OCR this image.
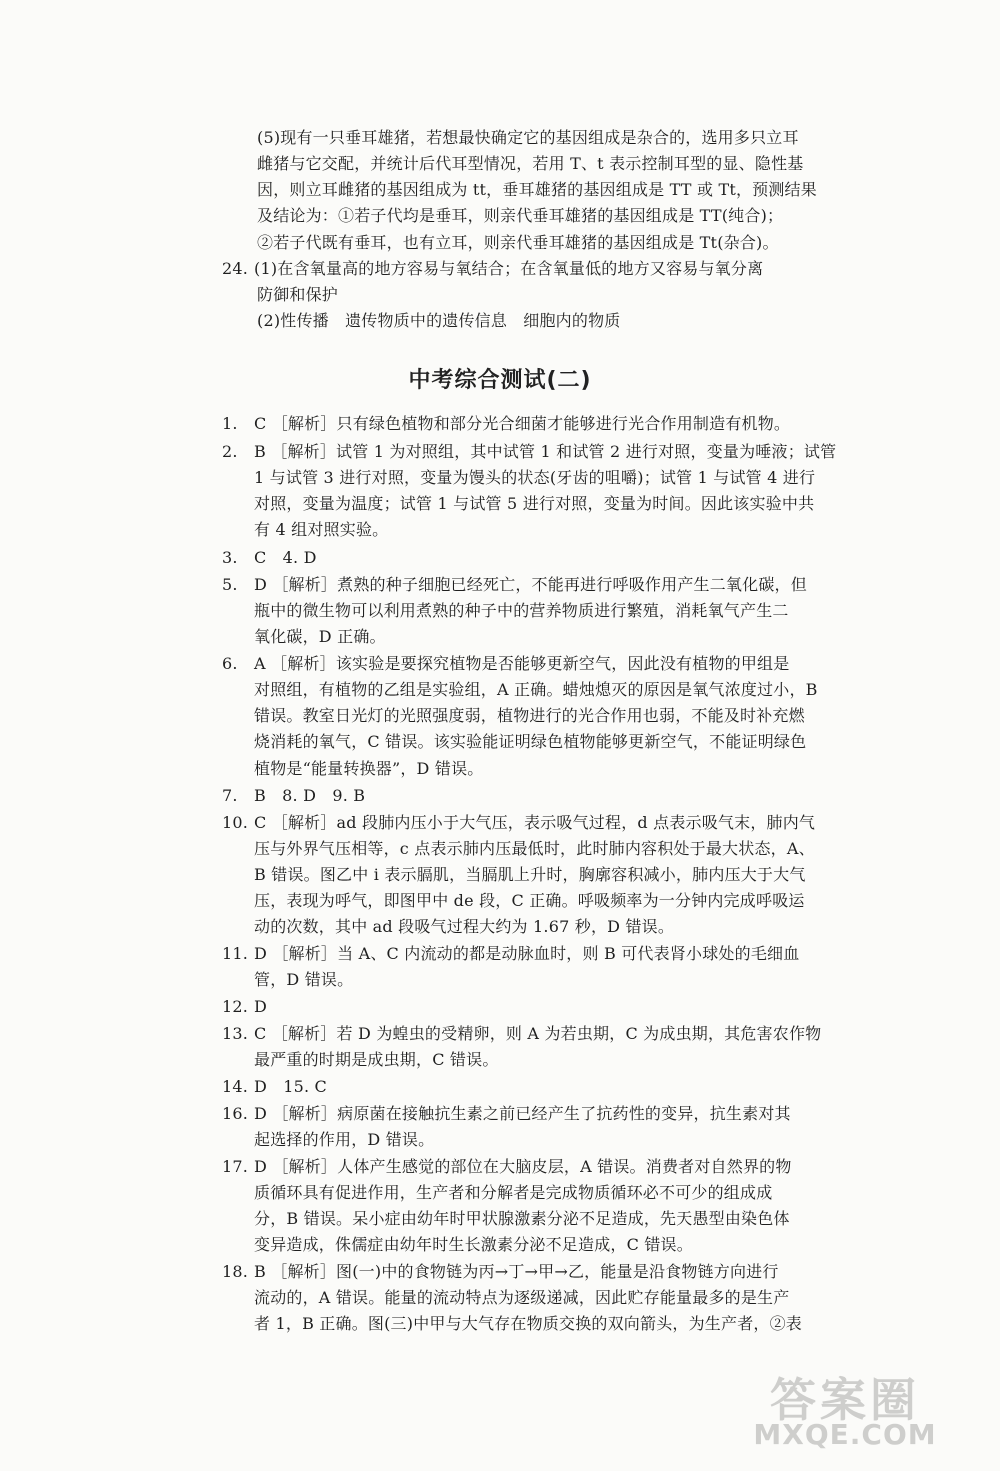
(5)现有一只垂耳雄猪，若想最快确定它的基因组成是杂合的，选用多只立耳
雌猪与它交配，并统计后代耳型情况，若用 T、t 表示控制耳型的显、隐性基
因，则立耳雌猪的基因组成为 tt，垂耳雄猪的基因组成是 TT 或 Tt，预测结果
及结论为：①若子代均是垂耳，则亲代垂耳雄猪的基因组成是 TT(纯合)；
②若子代既有垂耳，也有立耳，则亲代垂耳雄猪的基因组成是 Tt(杂合)。
24. (1)在含氧量高的地方容易与氧结合；在含氧量低的地方又容易与氧分离
防御和保护
(2)性传播　遗传物质中的遗传信息　细胞内的物质
中考综合测试(二)
1. C ［解析］只有绿色植物和部分光合细菌才能够进行光合作用制造有机物。
2. B ［解析］试管 1 为对照组，其中试管 1 和试管 2 进行对照，变量为唾液；试管
1 与试管 3 进行对照，变量为馒头的状态(牙齿的咀嚼)；试管 1 与试管 4 进行
对照，变量为温度；试管 1 与试管 5 进行对照，变量为时间。因此该实验中共
有 4 组对照实验。
3. C　4. D
5. D ［解析］煮熟的种子细胞已经死亡，不能再进行呼吸作用产生二氧化碳，但
瓶中的微生物可以利用煮熟的种子中的营养物质进行繁殖，消耗氧气产生二
氧化碳，D 正确。
6. A ［解析］该实验是要探究植物是否能够更新空气，因此没有植物的甲组是
对照组，有植物的乙组是实验组，A 正确。蜡烛熄灭的原因是氧气浓度过小，B
错误。教室日光灯的光照强度弱，植物进行的光合作用也弱，不能及时补充燃
烧消耗的氧气，C 错误。该实验能证明绿色植物能够更新空气，不能证明绿色
植物是“能量转换器”，D 错误。
7. B　8. D　9. B
10. C ［解析］ad 段肺内压小于大气压，表示吸气过程，d 点表示吸气末，肺内气
压与外界气压相等，c 点表示肺内压最低时，此时肺内容积处于最大状态，A、
B 错误。图乙中 i 表示膈肌，当膈肌上升时，胸廓容积减小，肺内压大于大气
压，表现为呼气，即图甲中 de 段，C 正确。呼吸频率为一分钟内完成呼吸运
动的次数，其中 ad 段吸气过程大约为 1.67 秒，D 错误。
11. D ［解析］当 A、C 内流动的都是动脉血时，则 B 可代表肾小球处的毛细血
管，D 错误。
12. D
13. C ［解析］若 D 为蝗虫的受精卵，则 A 为若虫期，C 为成虫期，其危害农作物
最严重的时期是成虫期，C 错误。
14. D　15. C
16. D ［解析］病原菌在接触抗生素之前已经产生了抗药性的变异，抗生素对其
起选择的作用，D 错误。
17. D ［解析］人体产生感觉的部位在大脑皮层，A 错误。消费者对自然界的物
质循环具有促进作用，生产者和分解者是完成物质循环必不可少的组成成
分，B 错误。呆小症由幼年时甲状腺激素分泌不足造成，先天愚型由染色体
变异造成，侏儒症由幼年时生长激素分泌不足造成，C 错误。
18. B ［解析］图(一)中的食物链为丙→丁→甲→乙，能量是沿食物链方向进行
流动的，A 错误。能量的流动特点为逐级递减，因此贮存能量最多的是生产
者 1，B 正确。图(三)中甲与大气存在物质交换的双向箭头，为生产者，②表
答案圈
MXQE.COM
